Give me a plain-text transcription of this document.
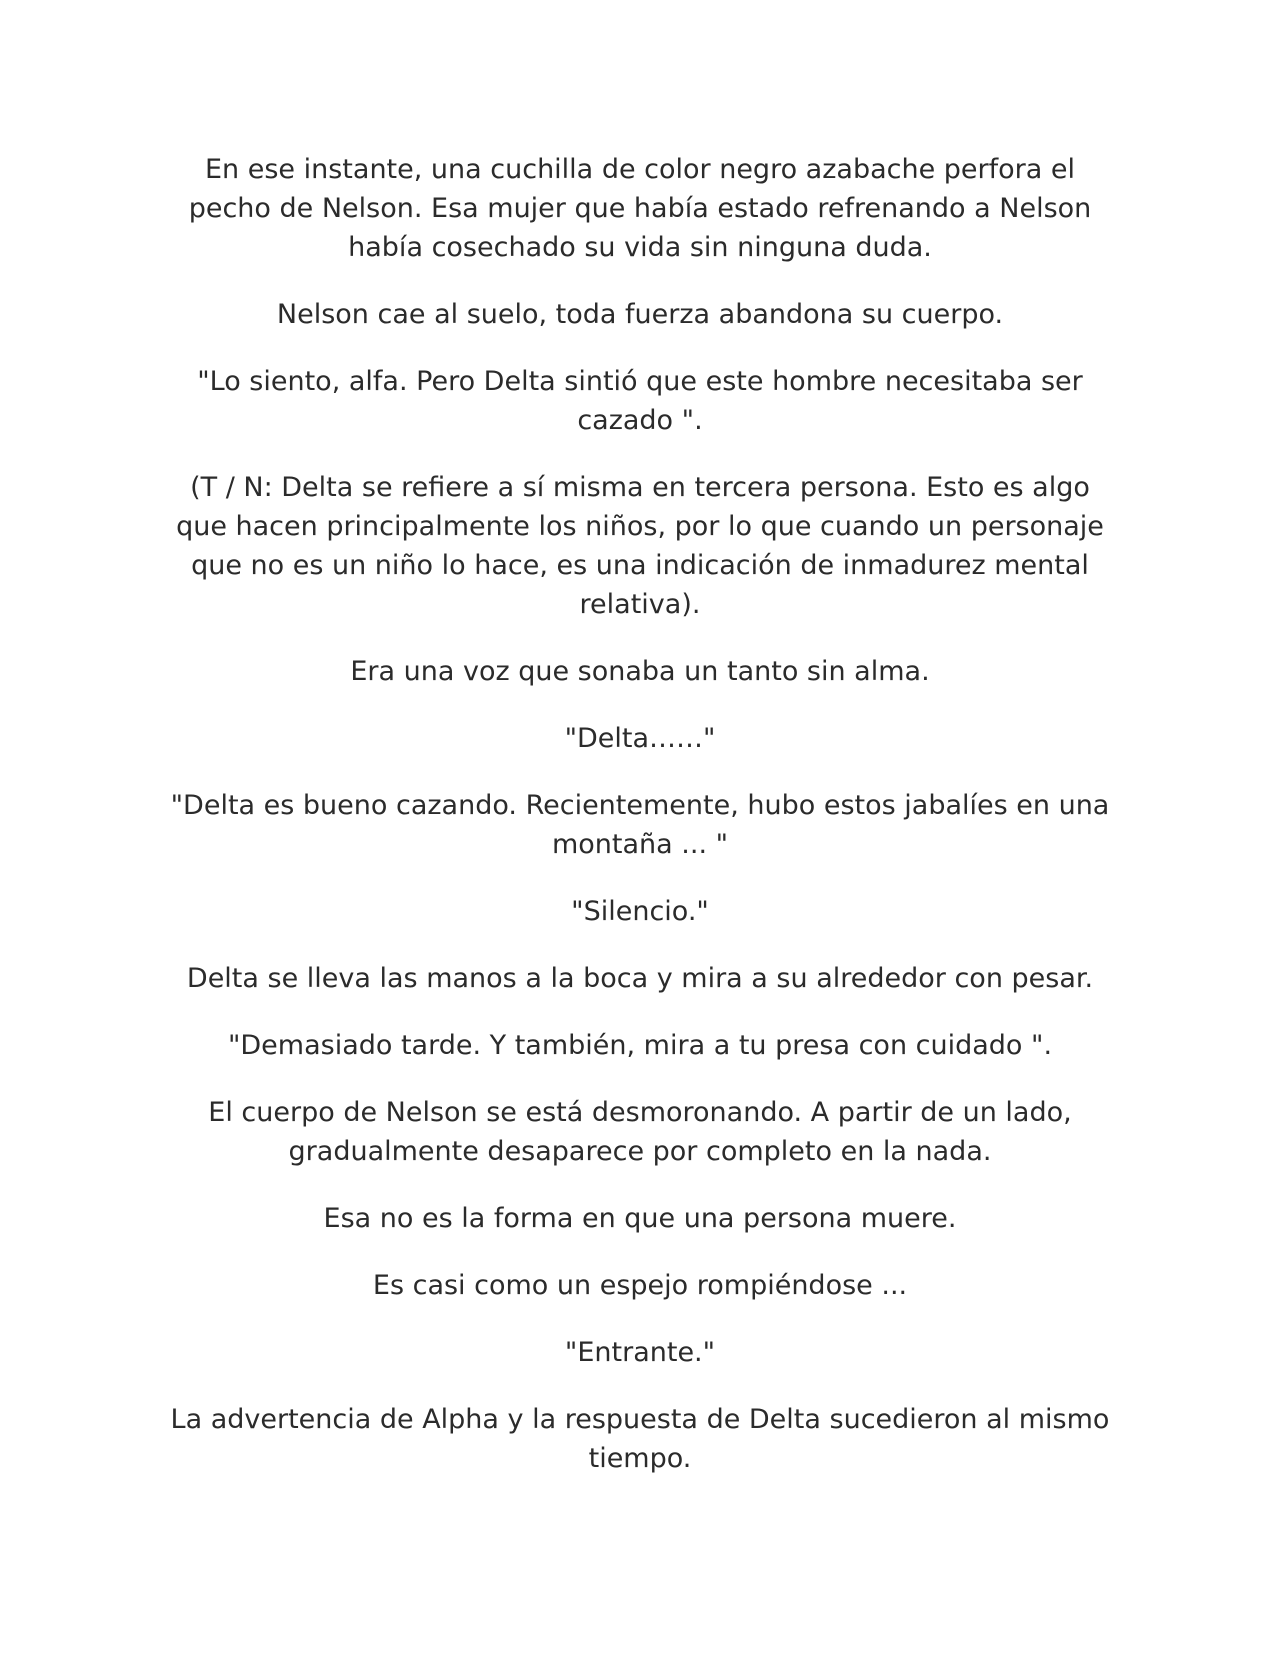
En ese instante, una cuchilla de color negro azabache perfora el pecho de Nelson. Esa mujer que había estado refrenando a Nelson había cosechado su vida sin ninguna duda.

Nelson cae al suelo, toda fuerza abandona su cuerpo.

"Lo siento, alfa. Pero Delta sintió que este hombre necesitaba ser cazado ".

(T / N: Delta se refiere a sí misma en tercera persona. Esto es algo que hacen principalmente los niños, por lo que cuando un personaje que no es un niño lo hace, es una indicación de inmadurez mental relativa).

Era una voz que sonaba un tanto sin alma.

"Delta……"

"Delta es bueno cazando. Recientemente, hubo estos jabalíes en una montaña ... "

"Silencio."

Delta se lleva las manos a la boca y mira a su alrededor con pesar.

"Demasiado tarde. Y también, mira a tu presa con cuidado ".

El cuerpo de Nelson se está desmoronando. A partir de un lado, gradualmente desaparece por completo en la nada.

Esa no es la forma en que una persona muere.

Es casi como un espejo rompiéndose ...

"Entrante."

La advertencia de Alpha y la respuesta de Delta sucedieron al mismo tiempo.
